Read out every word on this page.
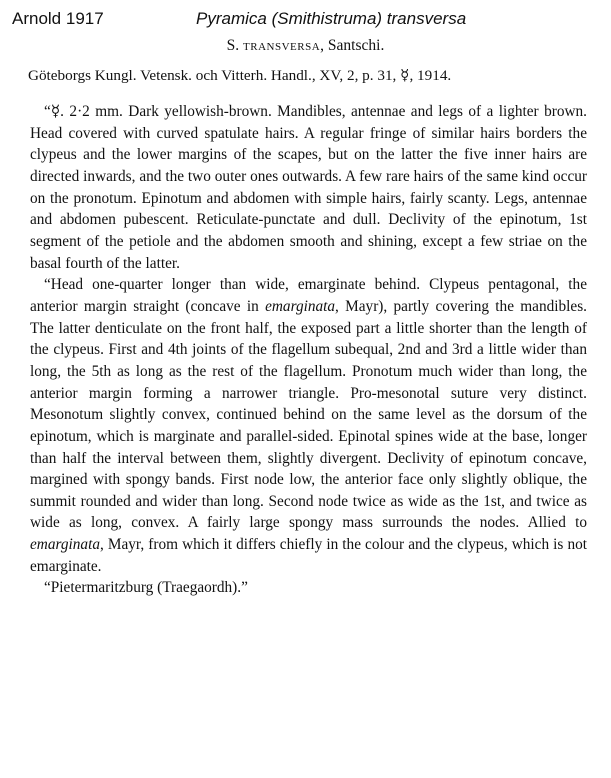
Arnold 1917	Pyramica (Smithistruma) transversa
S. transversa, Santschi.
Göteborgs Kungl. Vetensk. och Vitterh. Handl., XV, 2, p. 31, ☿, 1914.

“☿. 2·2 mm. Dark yellowish-brown. Mandibles, antennae and legs of a lighter brown. Head covered with curved spatulate hairs. A regular fringe of similar hairs borders the clypeus and the lower margins of the scapes, but on the latter the five inner hairs are directed inwards, and the two outer ones outwards. A few rare hairs of the same kind occur on the pronotum. Epinotum and abdomen with simple hairs, fairly scanty. Legs, antennae and abdomen pubescent. Reticulate-punctate and dull. Declivity of the epinotum, 1st segment of the petiole and the abdomen smooth and shining, except a few striae on the basal fourth of the latter.

“Head one-quarter longer than wide, emarginate behind. Clypeus pentagonal, the anterior margin straight (concave in emarginata, Mayr), partly covering the mandibles. The latter denticulate on the front half, the exposed part a little shorter than the length of the clypeus. First and 4th joints of the flagellum subequal, 2nd and 3rd a little wider than long, the 5th as long as the rest of the flagellum. Pronotum much wider than long, the anterior margin forming a narrower triangle. Pro-mesonotal suture very distinct. Mesonotum slightly convex, continued behind on the same level as the dorsum of the epinotum, which is marginate and parallel-sided. Epinotal spines wide at the base, longer than half the interval between them, slightly divergent. Declivity of epinotum concave, margined with spongy bands. First node low, the anterior face only slightly oblique, the summit rounded and wider than long. Second node twice as wide as the 1st, and twice as wide as long, convex. A fairly large spongy mass surrounds the nodes. Allied to emarginata, Mayr, from which it differs chiefly in the colour and the clypeus, which is not emarginate.

“Pietermaritzburg (Traegaordh).”
